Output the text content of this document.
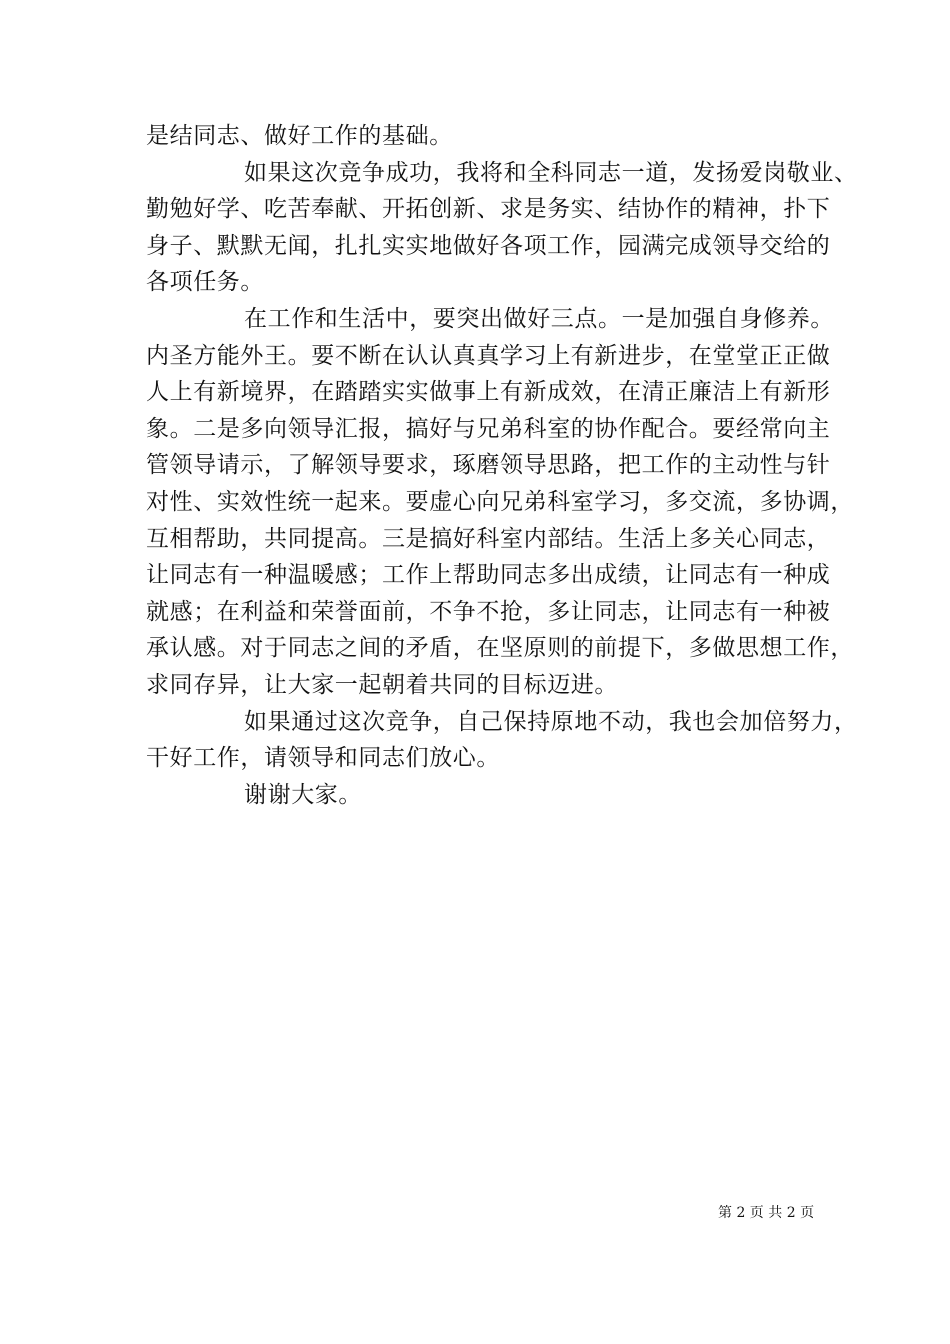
是结同志、做好工作的基础。
如果这次竞争成功，我将和全科同志一道，发扬爱岗敬业、
勤勉好学、吃苦奉献、开拓创新、求是务实、结协作的精神，扑下
身子、默默无闻，扎扎实实地做好各项工作，园满完成领导交给的
各项任务。
在工作和生活中，要突出做好三点。一是加强自身修养。
内圣方能外王。要不断在认认真真学习上有新进步，在堂堂正正做
人上有新境界，在踏踏实实做事上有新成效，在清正廉洁上有新形
象。二是多向领导汇报，搞好与兄弟科室的协作配合。要经常向主
管领导请示，了解领导要求，琢磨领导思路，把工作的主动性与针
对性、实效性统一起来。要虚心向兄弟科室学习，多交流，多协调，
互相帮助，共同提高。三是搞好科室内部结。生活上多关心同志，
让同志有一种温暖感；工作上帮助同志多出成绩，让同志有一种成
就感；在利益和荣誉面前，不争不抢，多让同志，让同志有一种被
承认感。对于同志之间的矛盾，在坚原则的前提下，多做思想工作，
求同存异，让大家一起朝着共同的目标迈进。
如果通过这次竞争，自己保持原地不动，我也会加倍努力，
干好工作，请领导和同志们放心。
谢谢大家。
第 2 页 共 2 页
